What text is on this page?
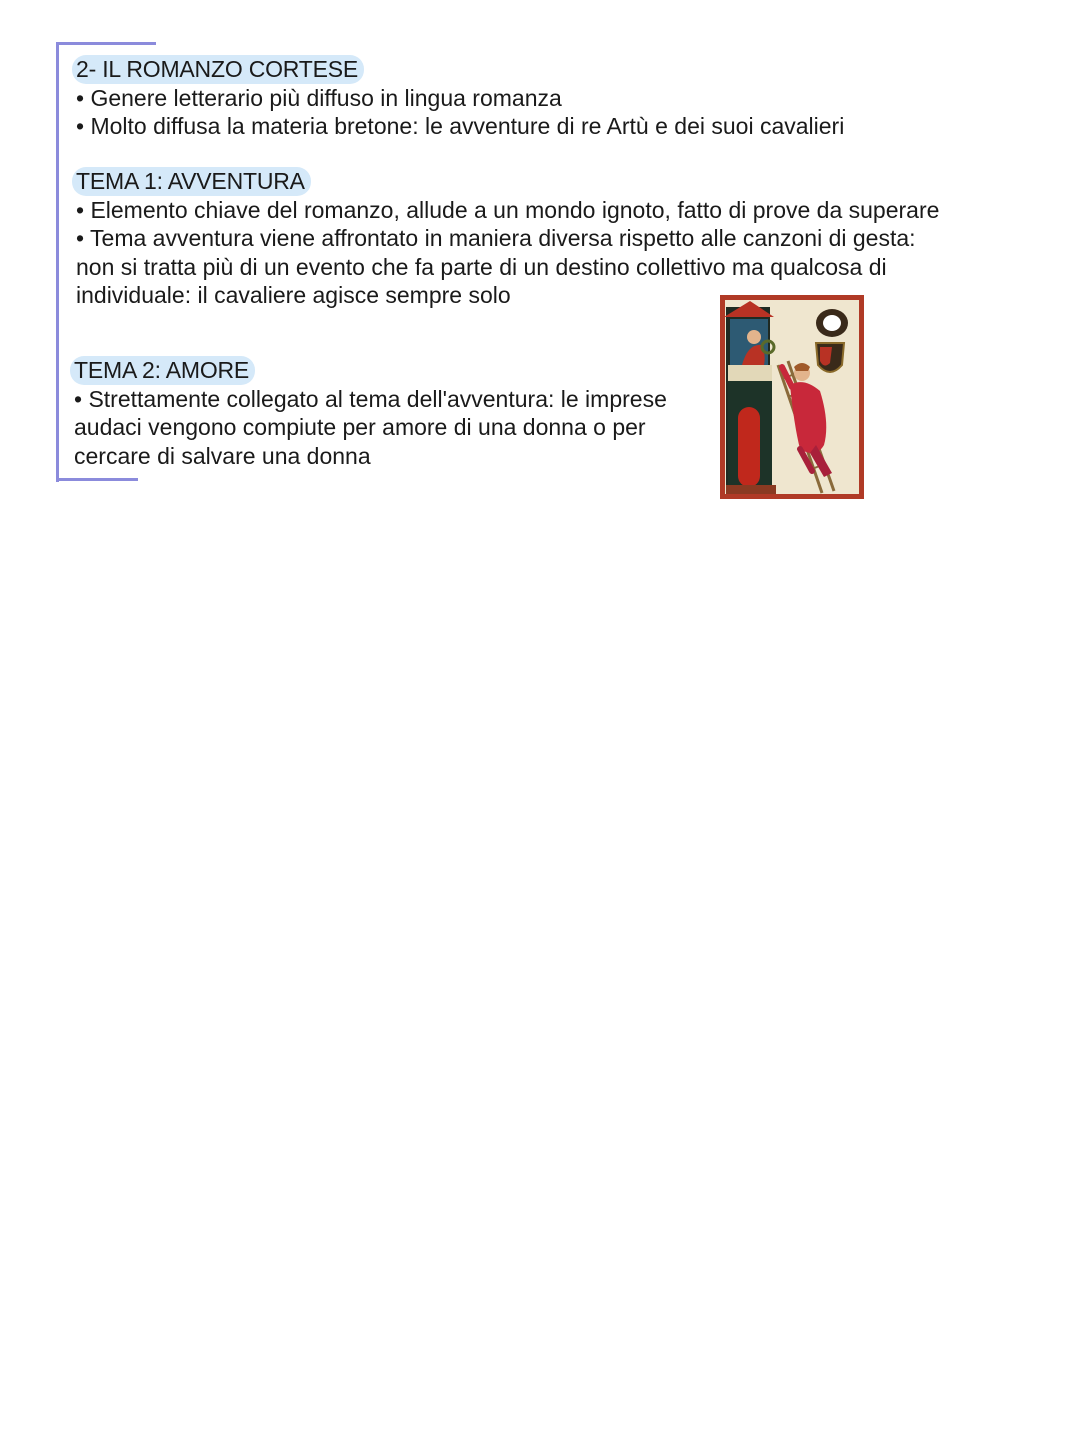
2- IL ROMANZO CORTESE
• Genere letterario più diffuso in lingua romanza
• Molto diffusa la materia bretone: le avventure di re Artù e dei suoi cavalieri
TEMA 1: AVVENTURA
• Elemento chiave del romanzo, allude a un mondo ignoto, fatto di prove da superare
• Tema avventura viene affrontato in maniera diversa rispetto alle canzoni di gesta:
non si tratta più di un evento che fa parte di un destino collettivo ma qualcosa di
individuale: il cavaliere agisce sempre solo
TEMA 2: AMORE
• Strettamente collegato al tema dell'avventura: le imprese
audaci vengono compiute per amore di una donna o per
cercare di salvare una donna
